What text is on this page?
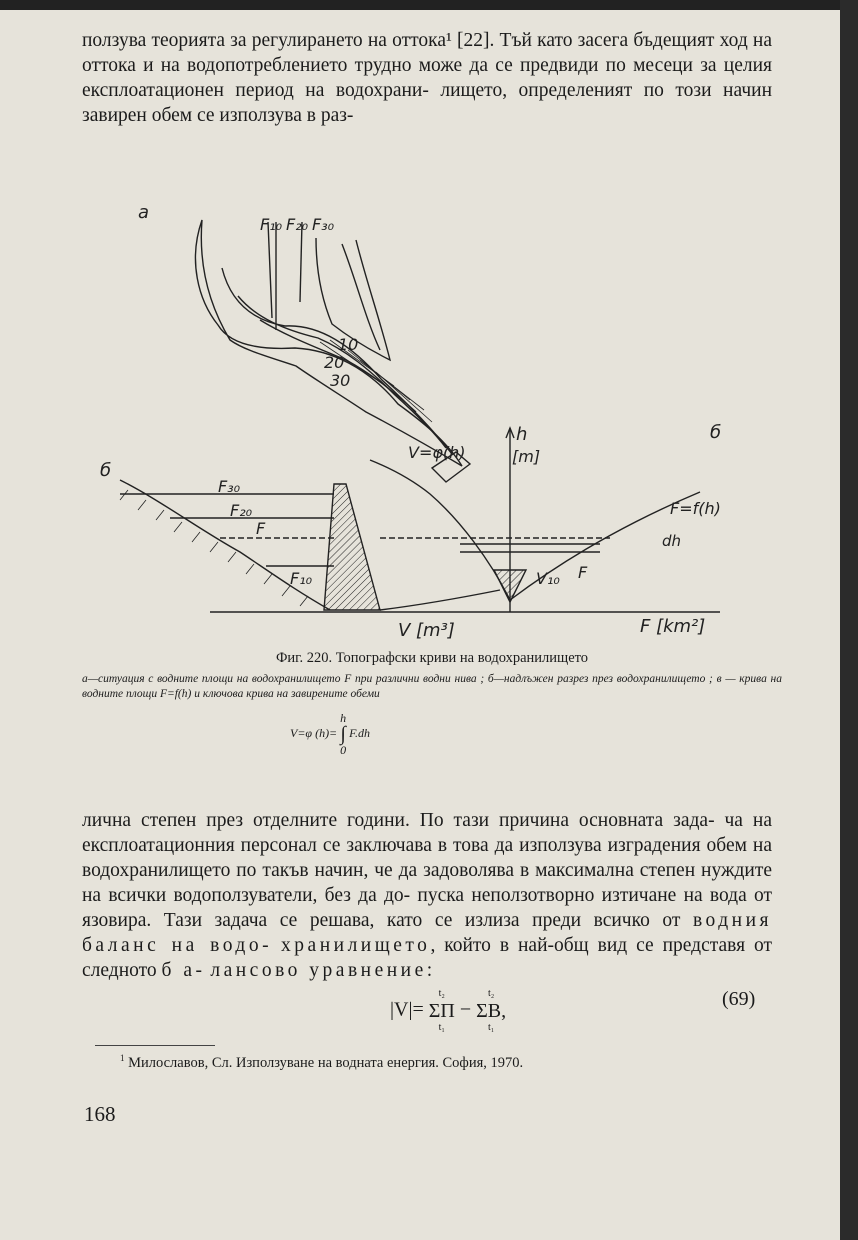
ползува теорията за регулирането на оттока¹ [22]. Тъй като засега бъдещият ход на оттока и на водопотреблението трудно може да се предвиди по месеци за целия експлоатационен период на водохрани- лището, определеният по този начин завирен обем се използува в раз-

а
F₁₀ F₂₀ F₃₀
10
20
30
б
б
F₃₀
F₂₀
F
F₁₀
h
[m]
V=φ(h)
F=f(h)
dh
F
V₁₀
V [m³]	F [km²]
Фиг. 220. Топографски криви на водохранилището
а—ситуация с водните площи на водохранилището F при различни водни нива ; б—надлъжен разрез през водохранилището ; в — крива на водните площи F=f(h) и ключова крива на завирените обеми
V=φ (h)=
h
∫
0
F.dh

лична степен през отделните години. По тази причина основната зада- ча на експлоатационния персонал се заключава в това да използува изградения обем на водохранилището по такъв начин, че да задоволява в максимална степен нуждите на всички водоползуватели, без да до- пуска неползотворно изтичане на вода от язовира. Тази задача се решава, като се излиза преди всичко от водния баланс на водо- хранилището, който в най-общ вид се представя от следното б а- лансово уравнение:

|V|=
t₂
ΣП
t₁
−
t₂
ΣB,
t₁
(69)
$^1$ Милославов, Сл. Използуване на водната енергия. София, 1970.
168
